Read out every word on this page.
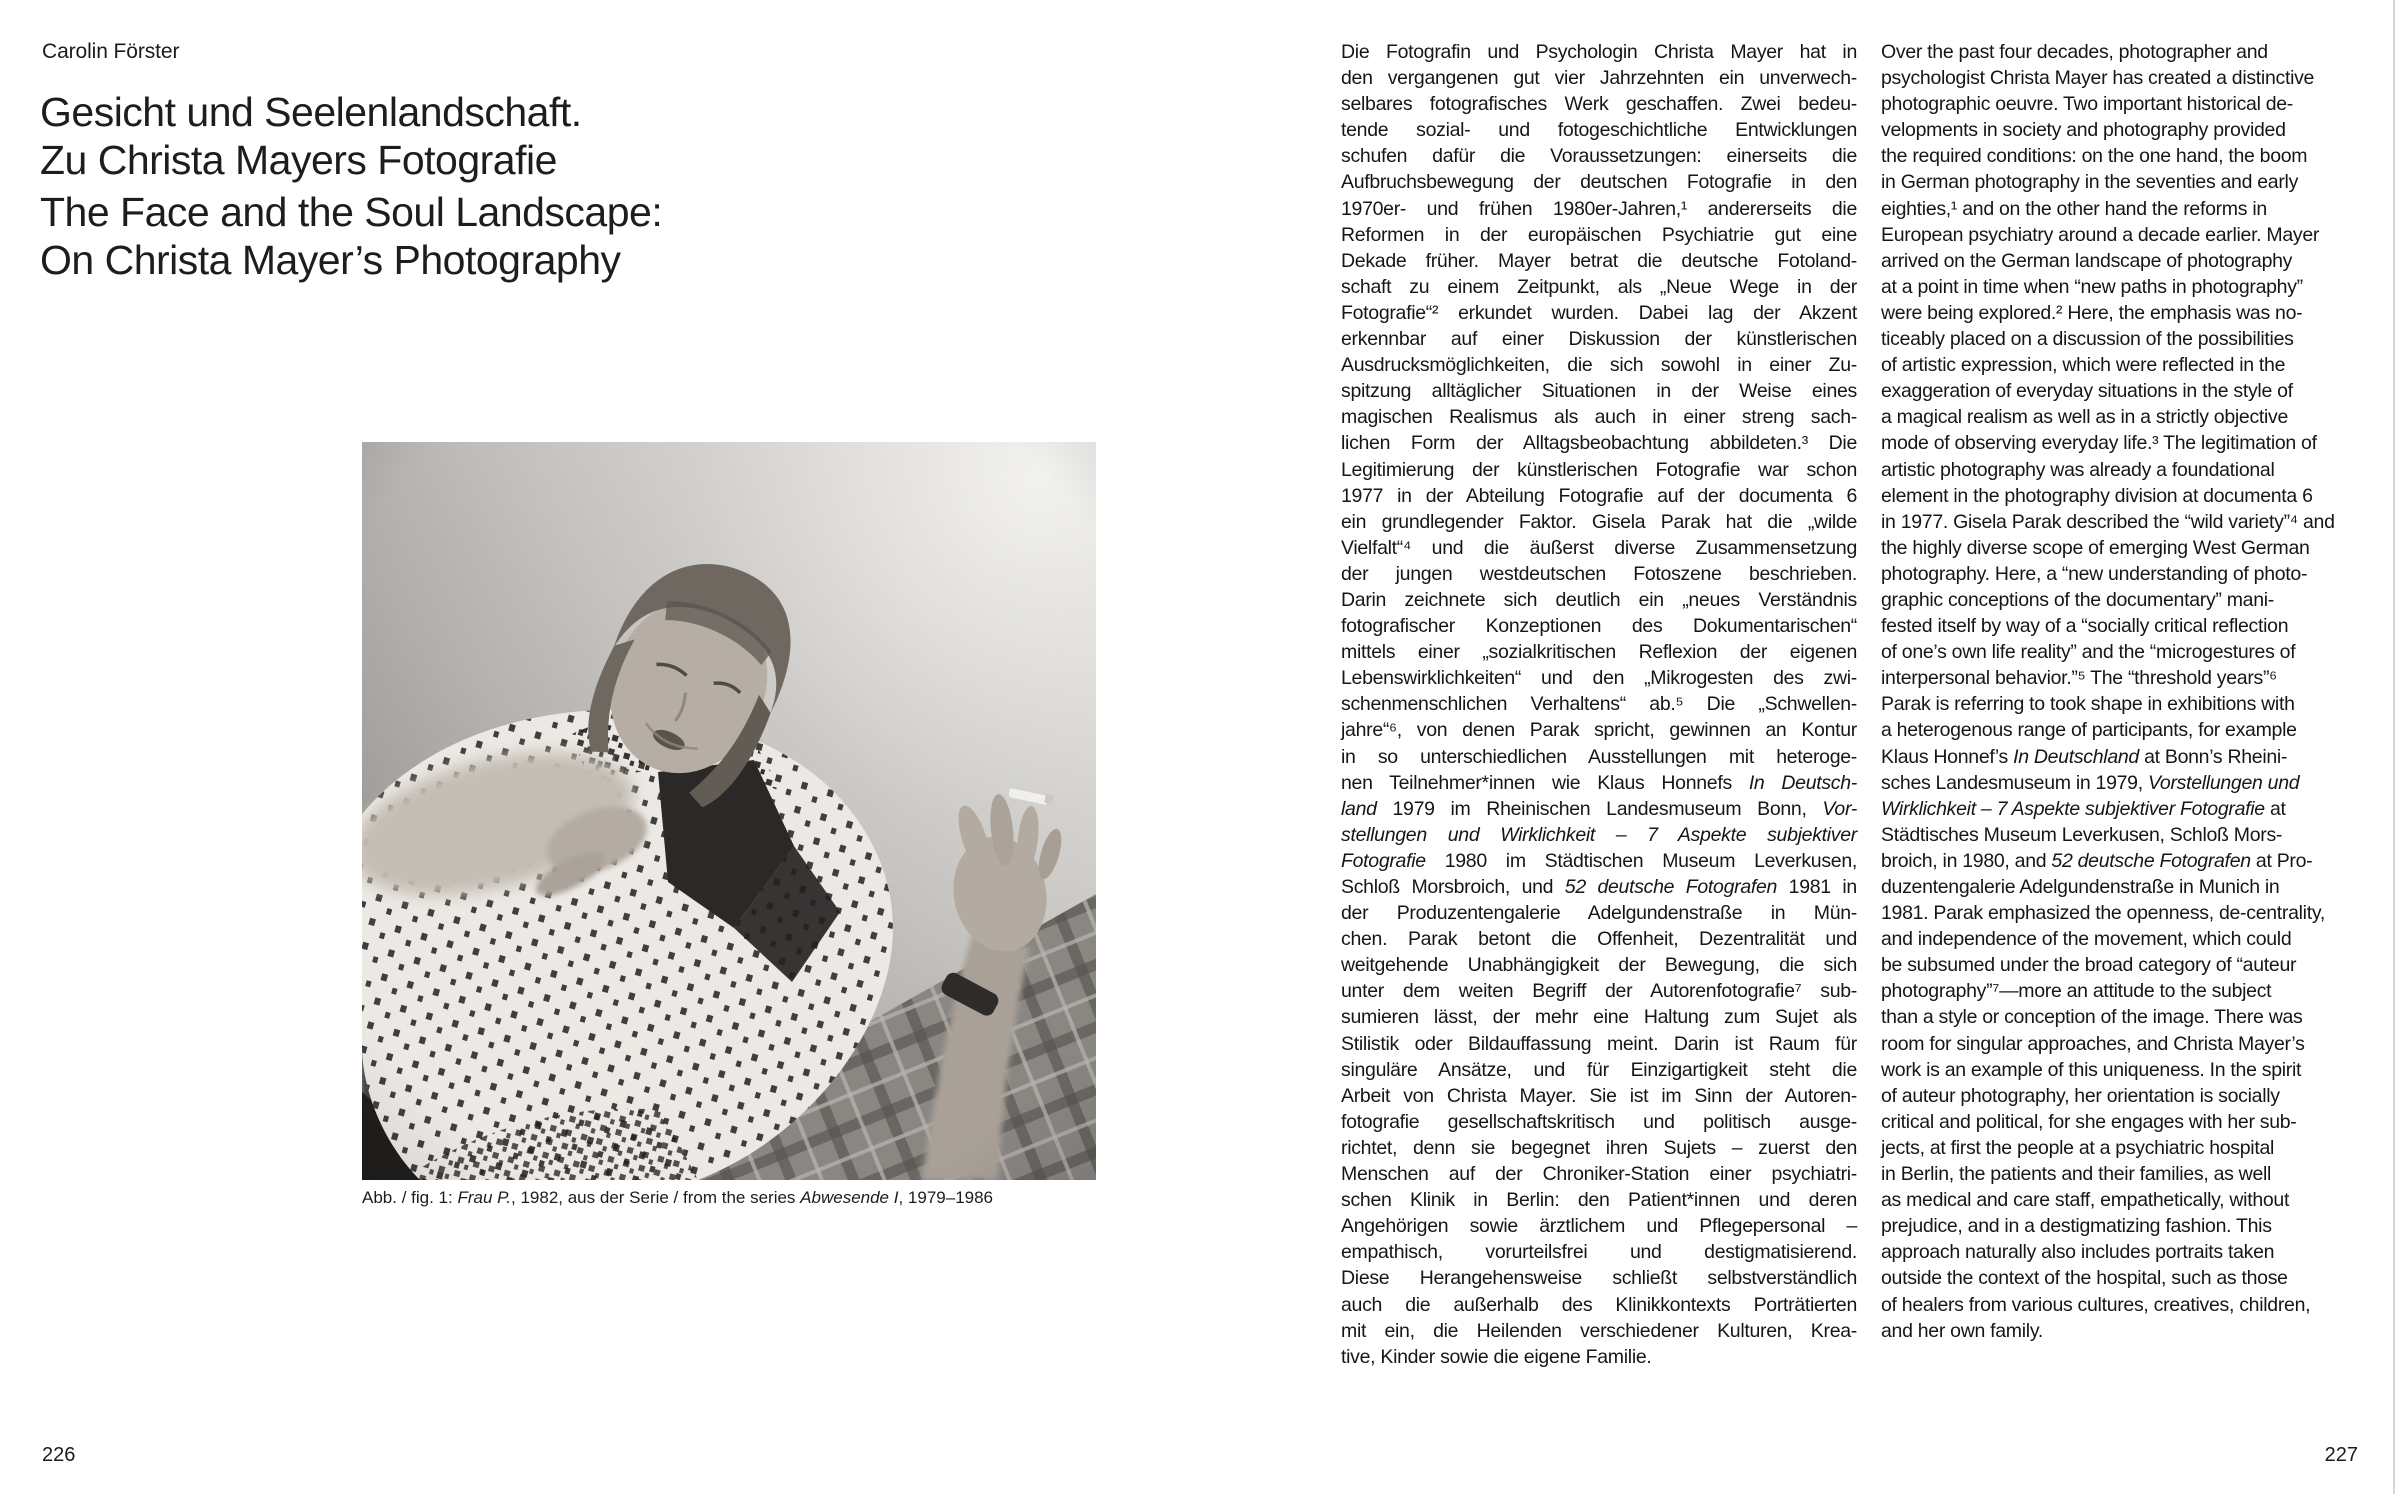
Carolin Förster
Gesicht und Seelenlandschaft.
Zu Christa Mayers Fotografie
The Face and the Soul Landscape:
On Christa Mayer’s Photography
Abb. / fig. 1: Frau P., 1982, aus der Serie / from the series Abwesende I, 1979–1986
226
Die Fotografin und Psychologin Christa Mayer hat in
den vergangenen gut vier Jahrzehnten ein unverwech-
selbares fotografisches Werk geschaffen. Zwei bedeu-
tende sozial- und fotogeschichtliche Entwicklungen
schufen dafür die Voraussetzungen: einerseits die
Aufbruchsbewegung der deutschen Fotografie in den
1970er- und frühen 1980er-Jahren,¹ andererseits die
Reformen in der europäischen Psychiatrie gut eine
Dekade früher. Mayer betrat die deutsche Fotoland-
schaft zu einem Zeitpunkt, als „Neue Wege in der
Fotografie“² erkundet wurden. Dabei lag der Akzent
erkennbar auf einer Diskussion der künstlerischen
Ausdrucksmöglichkeiten, die sich sowohl in einer Zu-
spitzung alltäglicher Situationen in der Weise eines
magischen Realismus als auch in einer streng sach-
lichen Form der Alltagsbeobachtung abbildeten.³ Die
Legitimierung der künstlerischen Fotografie war schon
1977 in der Abteilung Fotografie auf der documenta 6
ein grundlegender Faktor. Gisela Parak hat die „wilde
Vielfalt“⁴ und die äußerst diverse Zusammensetzung
der jungen westdeutschen Fotoszene beschrieben.
Darin zeichnete sich deutlich ein „neues Verständnis
fotografischer Konzeptionen des Dokumentarischen“
mittels einer „sozialkritischen Reflexion der eigenen
Lebenswirklichkeiten“ und den „Mikrogesten des zwi-
schenmenschlichen Verhaltens“ ab.⁵ Die „Schwellen-
jahre“⁶, von denen Parak spricht, gewinnen an Kontur
in so unterschiedlichen Ausstellungen mit heteroge-
nen Teilnehmer*innen wie Klaus Honnefs In Deutsch-
land 1979 im Rheinischen Landesmuseum Bonn, Vor-
stellungen und Wirklichkeit – 7 Aspekte subjektiver
Fotografie 1980 im Städtischen Museum Leverkusen,
Schloß Morsbroich, und 52 deutsche Fotografen 1981 in
der Produzentengalerie Adelgundenstraße in Mün-
chen. Parak betont die Offenheit, Dezentralität und
weitgehende Unabhängigkeit der Bewegung, die sich
unter dem weiten Begriff der Autorenfotografie⁷ sub-
sumieren lässt, der mehr eine Haltung zum Sujet als
Stilistik oder Bildauffassung meint. Darin ist Raum für
singuläre Ansätze, und für Einzigartigkeit steht die
Arbeit von Christa Mayer. Sie ist im Sinn der Autoren-
fotografie gesellschaftskritisch und politisch ausge-
richtet, denn sie begegnet ihren Sujets – zuerst den
Menschen auf der Chroniker-Station einer psychiatri-
schen Klinik in Berlin: den Patient*innen und deren
Angehörigen sowie ärztlichem und Pflegepersonal –
empathisch, vorurteilsfrei und destigmatisierend.
Diese Herangehensweise schließt selbstverständlich
auch die außerhalb des Klinikkontexts Porträtierten
mit ein, die Heilenden verschiedener Kulturen, Krea-
tive, Kinder sowie die eigene Familie.
Over the past four decades, photographer and
psychologist Christa Mayer has created a distinctive
photographic oeuvre. Two important historical de-
velopments in society and photography provided
the required conditions: on the one hand, the boom
in German photography in the seventies and early
eighties,¹ and on the other hand the reforms in
European psychiatry around a decade earlier. Mayer
arrived on the German landscape of photography
at a point in time when “new paths in photography”
were being explored.² Here, the emphasis was no-
ticeably placed on a discussion of the possibilities
of artistic expression, which were reflected in the
exaggeration of everyday situations in the style of
a magical realism as well as in a strictly objective
mode of observing everyday life.³ The legitimation of
artistic photography was already a foundational
element in the photography division at documenta 6
in 1977. Gisela Parak described the “wild variety”⁴ and
the highly diverse scope of emerging West German
photography. Here, a “new understanding of photo-
graphic conceptions of the documentary” mani-
fested itself by way of a “socially critical reflection
of one’s own life reality” and the “microgestures of
interpersonal behavior.”⁵ The “threshold years”⁶
Parak is referring to took shape in exhibitions with
a heterogenous range of participants, for example
Klaus Honnef’s In Deutschland at Bonn’s Rheini-
sches Landesmuseum in 1979, Vorstellungen und
Wirklichkeit – 7 Aspekte subjektiver Fotografie at
Städtisches Museum Leverkusen, Schloß Mors-
broich, in 1980, and 52 deutsche Fotografen at Pro-
duzentengalerie Adelgundenstraße in Munich in
1981. Parak emphasized the openness, de-centrality,
and independence of the movement, which could
be subsumed under the broad category of “auteur
photography”⁷—more an attitude to the subject
than a style or conception of the image. There was
room for singular approaches, and Christa Mayer’s
work is an example of this uniqueness. In the spirit
of auteur photography, her orientation is socially
critical and political, for she engages with her sub-
jects, at first the people at a psychiatric hospital
in Berlin, the patients and their families, as well
as medical and care staff, empathetically, without
prejudice, and in a destigmatizing fashion. This
approach naturally also includes portraits taken
outside the context of the hospital, such as those
of healers from various cultures, creatives, children,
and her own family.
227
